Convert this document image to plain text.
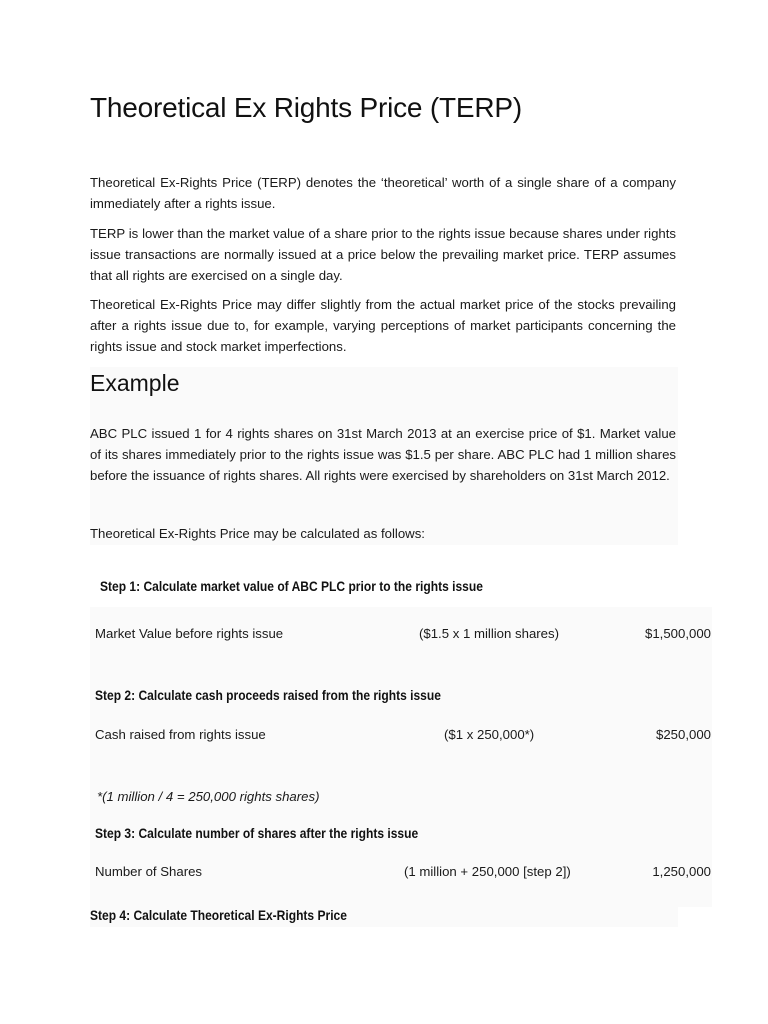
Theoretical Ex Rights Price (TERP)

Theoretical Ex-Rights Price (TERP) denotes the ‘theoretical’ worth of a single share of a company immediately after a rights issue.

TERP is lower than the market value of a share prior to the rights issue because shares under rights issue transactions are normally issued at a price below the prevailing market price. TERP assumes that all rights are exercised on a single day.

Theoretical Ex-Rights Price may differ slightly from the actual market price of the stocks prevailing after a rights issue due to, for example, varying perceptions of market participants concerning the rights issue and stock market imperfections.

Example

ABC PLC issued 1 for 4 rights shares on 31st March 2013 at an exercise price of $1. Market value of its shares immediately prior to the rights issue was $1.5 per share. ABC PLC had 1 million shares before the issuance of rights shares. All rights were exercised by shareholders on 31st March 2012.

Theoretical Ex-Rights Price may be calculated as follows:

Step 1: Calculate market value of ABC PLC prior to the rights issue
Market Value before rights issue	($1.5 x 1 million shares)	$1,500,000
Step 2: Calculate cash proceeds raised from the rights issue
Cash raised from rights issue	($1 x 250,000*)	$250,000

*(1 million / 4 = 250,000 rights shares)

Step 3: Calculate number of shares after the rights issue
Number of Shares	(1 million + 250,000 [step 2])	1,250,000
Step 4: Calculate Theoretical Ex-Rights Price
